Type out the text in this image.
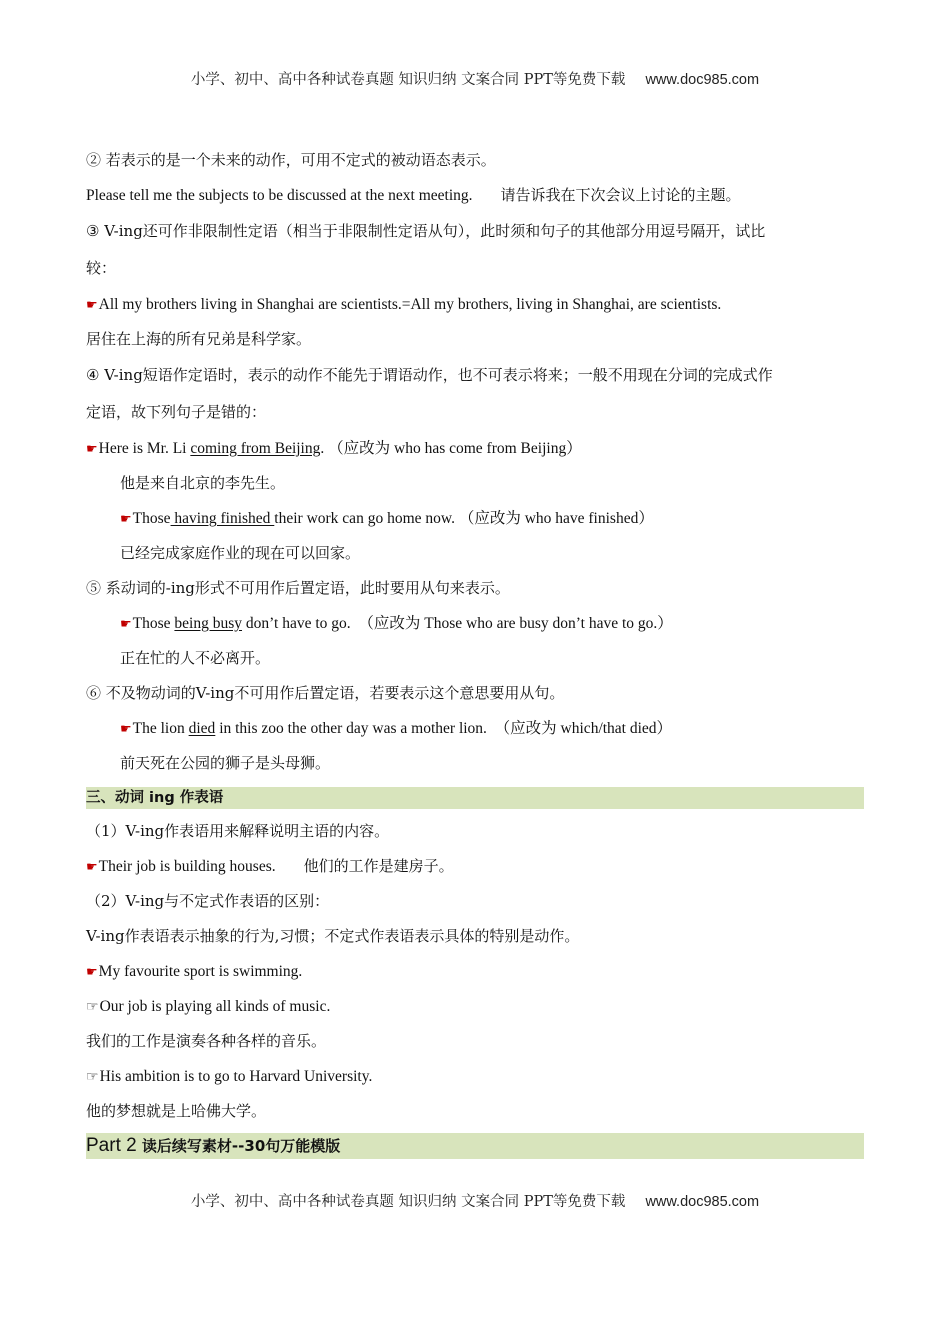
小学、初中、高中各种试卷真题 知识归纳 文案合同 PPT等免费下载 www.doc985.com
② 若表示的是一个未来的动作，可用不定式的被动语态表示。
Please tell me the subjects to be discussed at the next meeting. 请告诉我在下次会议上讨论的主题。
③ V-ing还可作非限制性定语（相当于非限制性定语从句），此时须和句子的其他部分用逗号隔开，试比
较：
☛All my brothers living in Shanghai are scientists.=All my brothers, living in Shanghai, are scientists.
居住在上海的所有兄弟是科学家。
④ V-ing短语作定语时，表示的动作不能先于谓语动作，也不可表示将来；一般不用现在分词的完成式作
定语，故下列句子是错的：
☛Here is Mr. Li coming from Beijing. （应改为 who has come from Beijing）
他是来自北京的李先生。
☛Those having finished their work can go home now. （应改为 who have finished）
已经完成家庭作业的现在可以回家。
⑤ 系动词的-ing形式不可用作后置定语，此时要用从句来表示。
☛Those being busy don’t have to go.  （应改为 Those who are busy don’t have to go.）
正在忙的人不必离开。
⑥ 不及物动词的V-ing不可用作后置定语，若要表示这个意思要用从句。
☛The lion died in this zoo the other day was a mother lion.  （应改为 which/that died）
前天死在公园的狮子是头母狮。
三、动词 ing 作表语
（1）V-ing作表语用来解释说明主语的内容。
☛Their job is building houses. 他们的工作是建房子。
（2）V-ing与不定式作表语的区别：
V-ing作表语表示抽象的行为,习惯；不定式作表语表示具体的特别是动作。
☛My favourite sport is swimming.
☞Our job is playing all kinds of music.
我们的工作是演奏各种各样的音乐。
☞His ambition is to go to Harvard University.
他的梦想就是上哈佛大学。
Part 2 读后续写素材--30句万能模版
小学、初中、高中各种试卷真题 知识归纳 文案合同 PPT等免费下载 www.doc985.com
